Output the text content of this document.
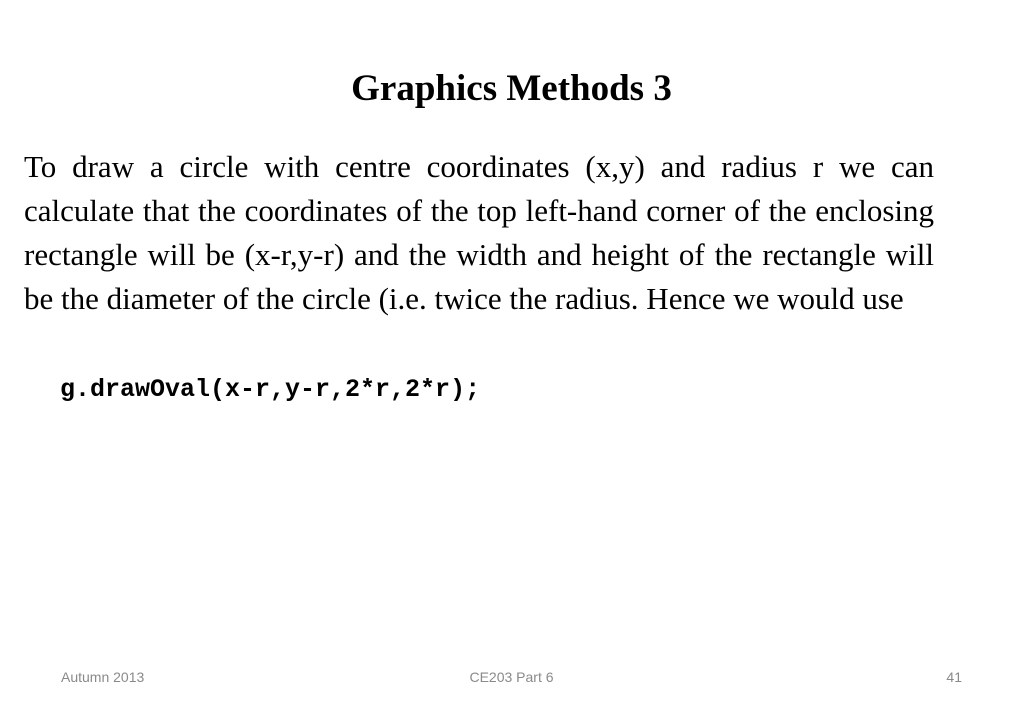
Graphics Methods 3

To draw a circle with centre coordinates (x,y) and radius r we can calculate that the coordinates of the top left-hand corner of the enclosing rectangle will be (x-r,y-r) and the width and height of the rectangle will be the diameter of the circle (i.e. twice the radius. Hence we would use

g.drawOval(x-r,y-r,2*r,2*r);
Autumn 2013	CE203 Part 6	41
